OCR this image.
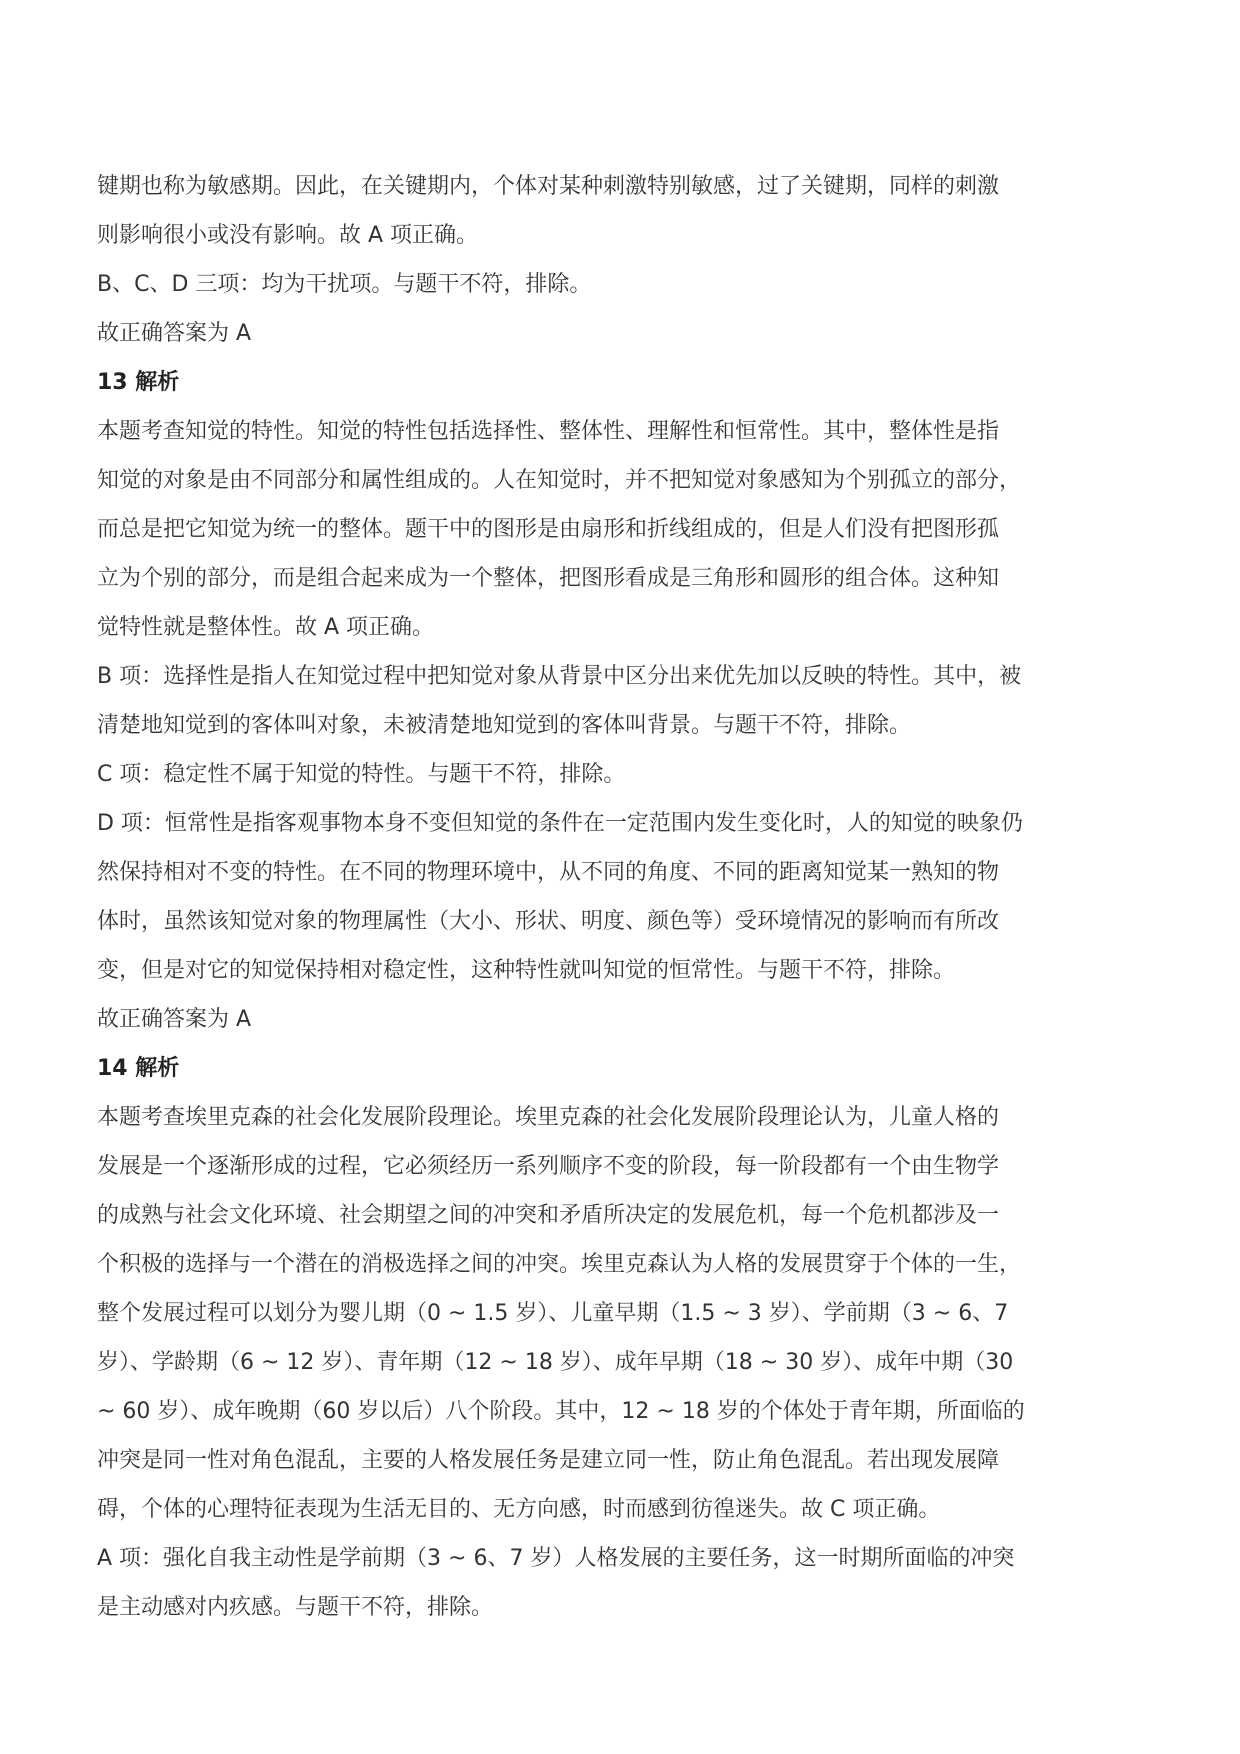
键期也称为敏感期。因此，在关键期内，个体对某种刺激特别敏感，过了关键期，同样的刺激
则影响很小或没有影响。故 A 项正确。
B、C、D 三项：均为干扰项。与题干不符，排除。
故正确答案为 A
13 解析
本题考查知觉的特性。知觉的特性包括选择性、整体性、理解性和恒常性。其中，整体性是指
知觉的对象是由不同部分和属性组成的。人在知觉时，并不把知觉对象感知为个别孤立的部分，
而总是把它知觉为统一的整体。题干中的图形是由扇形和折线组成的，但是人们没有把图形孤
立为个别的部分，而是组合起来成为一个整体，把图形看成是三角形和圆形的组合体。这种知
觉特性就是整体性。故 A 项正确。
B 项：选择性是指人在知觉过程中把知觉对象从背景中区分出来优先加以反映的特性。其中，被
清楚地知觉到的客体叫对象，未被清楚地知觉到的客体叫背景。与题干不符，排除。
C 项：稳定性不属于知觉的特性。与题干不符，排除。
D 项：恒常性是指客观事物本身不变但知觉的条件在一定范围内发生变化时，人的知觉的映象仍
然保持相对不变的特性。在不同的物理环境中，从不同的角度、不同的距离知觉某一熟知的物
体时，虽然该知觉对象的物理属性（大小、形状、明度、颜色等）受环境情况的影响而有所改
变，但是对它的知觉保持相对稳定性，这种特性就叫知觉的恒常性。与题干不符，排除。
故正确答案为 A
14 解析
本题考查埃里克森的社会化发展阶段理论。埃里克森的社会化发展阶段理论认为，儿童人格的
发展是一个逐渐形成的过程，它必须经历一系列顺序不变的阶段，每一阶段都有一个由生物学
的成熟与社会文化环境、社会期望之间的冲突和矛盾所决定的发展危机，每一个危机都涉及一
个积极的选择与一个潜在的消极选择之间的冲突。埃里克森认为人格的发展贯穿于个体的一生，
整个发展过程可以划分为婴儿期（0 ~ 1.5 岁）、儿童早期（1.5 ~ 3 岁）、学前期（3 ~ 6、7
岁）、学龄期（6 ~ 12 岁）、青年期（12 ~ 18 岁）、成年早期（18 ~ 30 岁）、成年中期（30
~ 60 岁）、成年晚期（60 岁以后）八个阶段。其中，12 ~ 18 岁的个体处于青年期，所面临的
冲突是同一性对角色混乱，主要的人格发展任务是建立同一性，防止角色混乱。若出现发展障
碍，个体的心理特征表现为生活无目的、无方向感，时而感到彷徨迷失。故 C 项正确。
A 项：强化自我主动性是学前期（3 ~ 6、7 岁）人格发展的主要任务，这一时期所面临的冲突
是主动感对内疚感。与题干不符，排除。
